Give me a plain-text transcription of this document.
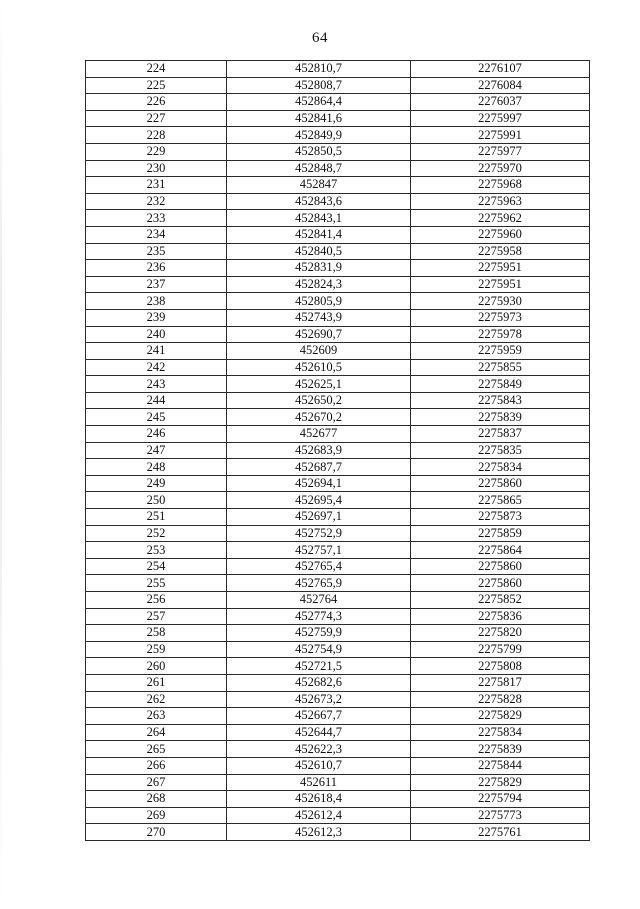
64
224	452810,7	2276107
225	452808,7	2276084
226	452864,4	2276037
227	452841,6	2275997
228	452849,9	2275991
229	452850,5	2275977
230	452848,7	2275970
231	452847	2275968
232	452843,6	2275963
233	452843,1	2275962
234	452841,4	2275960
235	452840,5	2275958
236	452831,9	2275951
237	452824,3	2275951
238	452805,9	2275930
239	452743,9	2275973
240	452690,7	2275978
241	452609	2275959
242	452610,5	2275855
243	452625,1	2275849
244	452650,2	2275843
245	452670,2	2275839
246	452677	2275837
247	452683,9	2275835
248	452687,7	2275834
249	452694,1	2275860
250	452695,4	2275865
251	452697,1	2275873
252	452752,9	2275859
253	452757,1	2275864
254	452765,4	2275860
255	452765,9	2275860
256	452764	2275852
257	452774,3	2275836
258	452759,9	2275820
259	452754,9	2275799
260	452721,5	2275808
261	452682,6	2275817
262	452673,2	2275828
263	452667,7	2275829
264	452644,7	2275834
265	452622,3	2275839
266	452610,7	2275844
267	452611	2275829
268	452618,4	2275794
269	452612,4	2275773
270	452612,3	2275761
